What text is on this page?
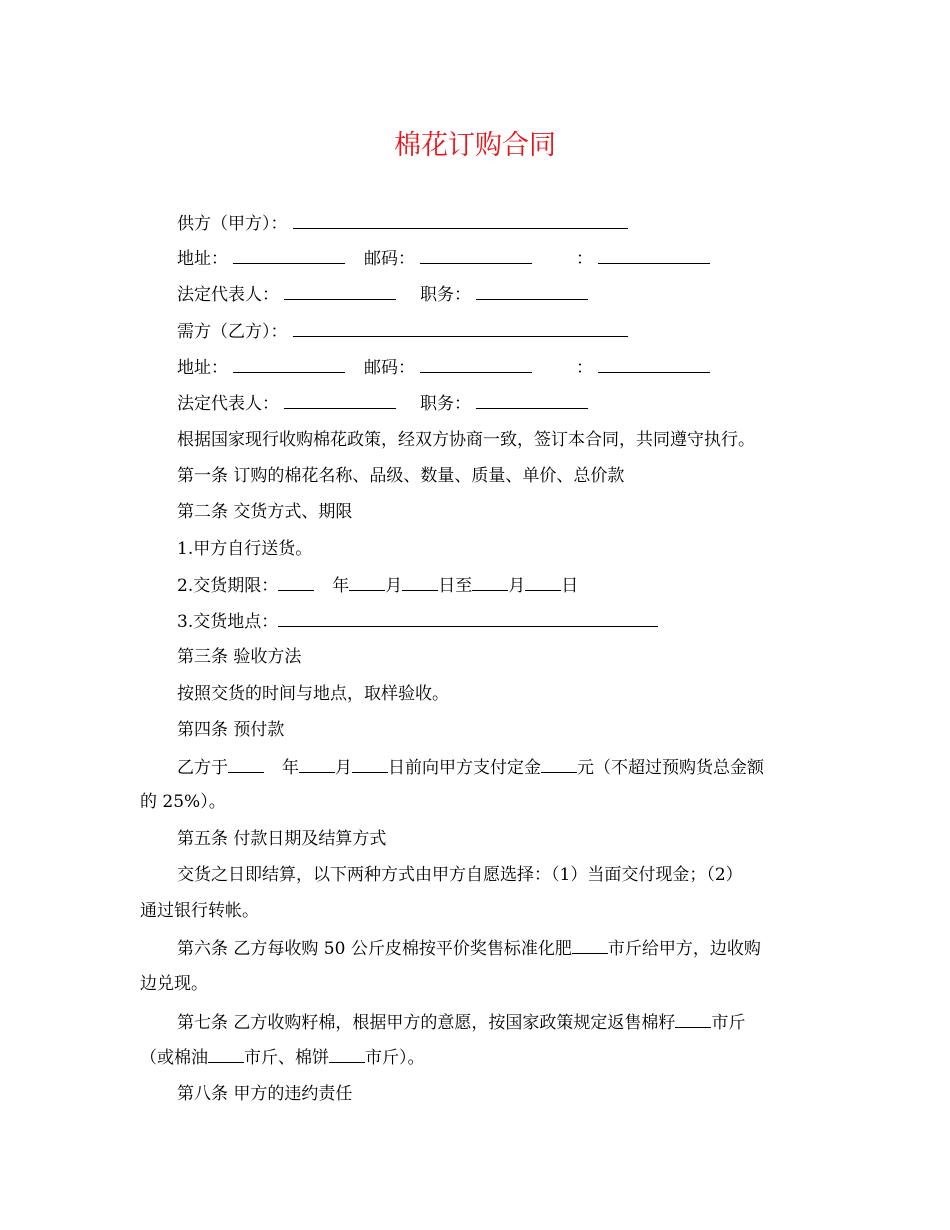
棉花订购合同
供方（甲方）：
地址：	邮码：	：
法定代表人：	职务：
需方（乙方）：
地址：	邮码：	：
法定代表人：	职务：
根据国家现行收购棉花政策，经双方协商一致，签订本合同，共同遵守执行。
第一条 订购的棉花名称、品级、数量、质量、单价、总价款
第二条 交货方式、期限
1.甲方自行送货。
2.交货期限：	年 月 日至 月 日
3.交货地点：
第三条 验收方法
按照交货的时间与地点，取样验收。
第四条 预付款
乙方于	年 月 日前向甲方支付定金 元（不超过预购货总金额
的 25%）。
第五条 付款日期及结算方式
交货之日即结算，以下两种方式由甲方自愿选择：（1）当面交付现金；（2）
通过银行转帐。
第六条 乙方每收购 50 公斤皮棉按平价奖售标准化肥 市斤给甲方，边收购
边兑现。
第七条 乙方收购籽棉，根据甲方的意愿，按国家政策规定返售棉籽 市斤
（或棉油 市斤、棉饼 市斤）。
第八条 甲方的违约责任
